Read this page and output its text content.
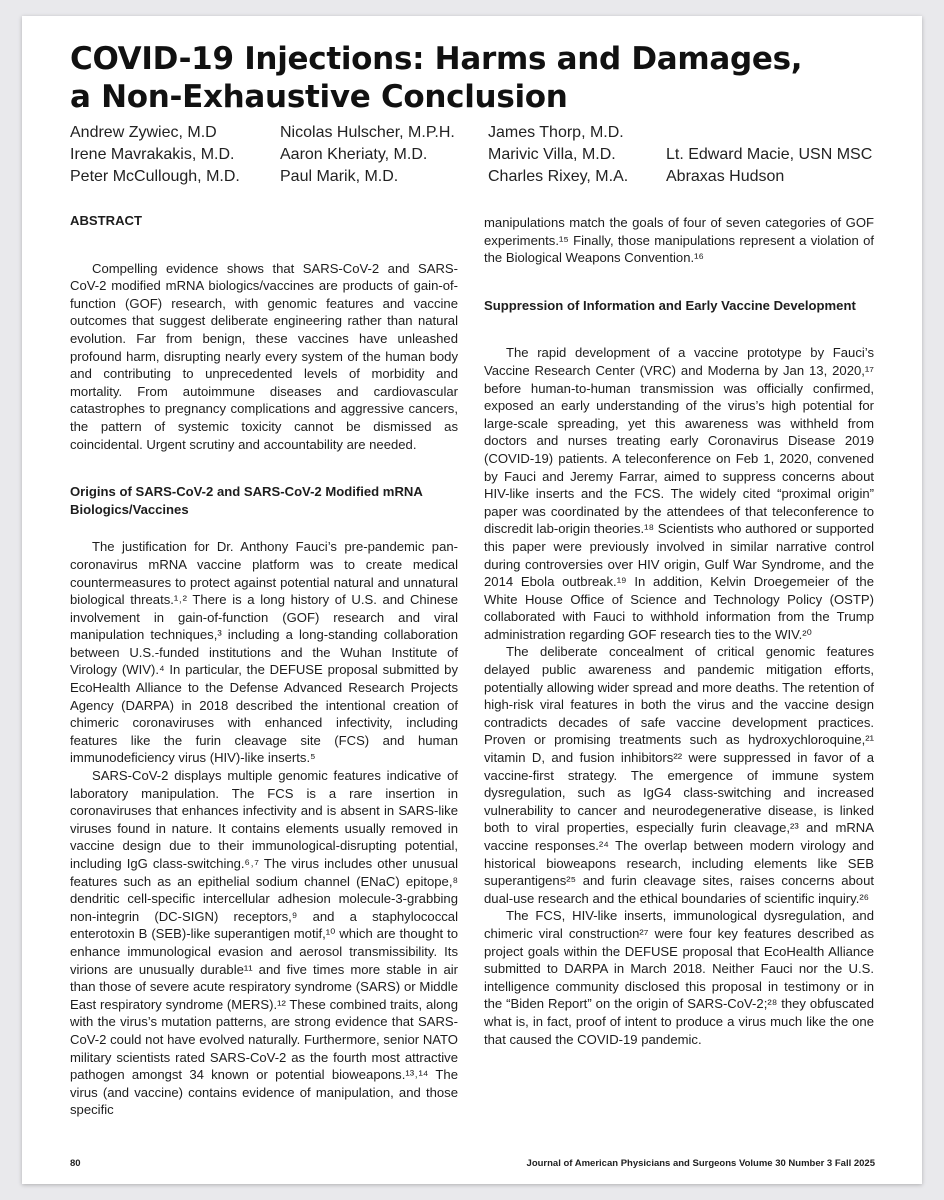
COVID-19 Injections: Harms and Damages,
a Non-Exhaustive Conclusion
Andrew Zywiec, M.D
Irene Mavrakakis, M.D.
Peter McCullough, M.D.
Nicolas Hulscher, M.P.H.
Aaron Kheriaty, M.D.
Paul Marik, M.D.
James Thorp, M.D.
Marivic Villa, M.D.
Charles Rixey, M.A.
Lt. Edward Macie, USN MSC
Abraxas Hudson
ABSTRACT

Compelling evidence shows that SARS-CoV-2 and SARS-CoV-2 modified mRNA biologics/vaccines are products of gain-of-function (GOF) research, with genomic features and vaccine outcomes that suggest deliberate engineering rather than natural evolution. Far from benign, these vaccines have unleashed profound harm, disrupting nearly every system of the human body and contributing to unprecedented levels of morbidity and mortality. From autoimmune diseases and cardiovascular catastrophes to pregnancy complications and aggressive cancers, the pattern of systemic toxicity cannot be dismissed as coincidental. Urgent scrutiny and accountability are needed.

Origins of SARS-CoV-2 and SARS-CoV-2 Modified mRNA Biologics/Vaccines

The justification for Dr. Anthony Fauci’s pre-pandemic pan-coronavirus mRNA vaccine platform was to create medical countermeasures to protect against potential natural and unnatural biological threats.¹˒² There is a long history of U.S. and Chinese involvement in gain-of-function (GOF) research and viral manipulation techniques,³ including a long-standing collaboration between U.S.-funded institutions and the Wuhan Institute of Virology (WIV).⁴ In particular, the DEFUSE proposal submitted by EcoHealth Alliance to the Defense Advanced Research Projects Agency (DARPA) in 2018 described the intentional creation of chimeric coronaviruses with enhanced infectivity, including features like the furin cleavage site (FCS) and human immunodeficiency virus (HIV)-like inserts.⁵

SARS-CoV-2 displays multiple genomic features indicative of laboratory manipulation. The FCS is a rare insertion in coronaviruses that enhances infectivity and is absent in SARS-like viruses found in nature. It contains elements usually removed in vaccine design due to their immunological-disrupting potential, including IgG class-switching.⁶˒⁷ The virus includes other unusual features such as an epithelial sodium channel (ENaC) epitope,⁸ dendritic cell-specific intercellular adhesion molecule-3-grabbing non-integrin (DC-SIGN) receptors,⁹ and a staphylococcal enterotoxin B (SEB)-like superantigen motif,¹⁰ which are thought to enhance immunological evasion and aerosol transmissibility. Its virions are unusually durable¹¹ and five times more stable in air than those of severe acute respiratory syndrome (SARS) or Middle East respiratory syndrome (MERS).¹² These combined traits, along with the virus’s mutation patterns, are strong evidence that SARS-CoV-2 could not have evolved naturally. Furthermore, senior NATO military scientists rated SARS-CoV-2 as the fourth most attractive pathogen amongst 34 known or potential bioweapons.¹³˒¹⁴ The virus (and vaccine) contains evidence of manipulation, and those specific

manipulations match the goals of four of seven categories of GOF experiments.¹⁵ Finally, those manipulations represent a violation of the Biological Weapons Convention.¹⁶

Suppression of Information and Early Vaccine Development

The rapid development of a vaccine prototype by Fauci’s Vaccine Research Center (VRC) and Moderna by Jan 13, 2020,¹⁷ before human-to-human transmission was officially confirmed, exposed an early understanding of the virus’s high potential for large-scale spreading, yet this awareness was withheld from doctors and nurses treating early Coronavirus Disease 2019 (COVID-19) patients. A teleconference on Feb 1, 2020, convened by Fauci and Jeremy Farrar, aimed to suppress concerns about HIV-like inserts and the FCS. The widely cited “proximal origin” paper was coordinated by the attendees of that teleconference to discredit lab-origin theories.¹⁸ Scientists who authored or supported this paper were previously involved in similar narrative control during controversies over HIV origin, Gulf War Syndrome, and the 2014 Ebola outbreak.¹⁹ In addition, Kelvin Droegemeier of the White House Office of Science and Technology Policy (OSTP) collaborated with Fauci to withhold information from the Trump administration regarding GOF research ties to the WIV.²⁰

The deliberate concealment of critical genomic features delayed public awareness and pandemic mitigation efforts, potentially allowing wider spread and more deaths. The retention of high-risk viral features in both the virus and the vaccine design contradicts decades of safe vaccine development practices. Proven or promising treatments such as hydroxychloroquine,²¹ vitamin D, and fusion inhibitors²² were suppressed in favor of a vaccine-first strategy. The emergence of immune system dysregulation, such as IgG4 class-switching and increased vulnerability to cancer and neurodegenerative disease, is linked both to viral properties, especially furin cleavage,²³ and mRNA vaccine responses.²⁴ The overlap between modern virology and historical bioweapons research, including elements like SEB superantigens²⁵ and furin cleavage sites, raises concerns about dual-use research and the ethical boundaries of scientific inquiry.²⁶

The FCS, HIV-like inserts, immunological dysregulation, and chimeric viral construction²⁷ were four key features described as project goals within the DEFUSE proposal that EcoHealth Alliance submitted to DARPA in March 2018. Neither Fauci nor the U.S. intelligence community disclosed this proposal in testimony or in the “Biden Report” on the origin of SARS-CoV-2;²⁸ they obfuscated what is, in fact, proof of intent to produce a virus much like the one that caused the COVID-19 pandemic.

80	Journal of American Physicians and Surgeons Volume 30 Number 3 Fall 2025
